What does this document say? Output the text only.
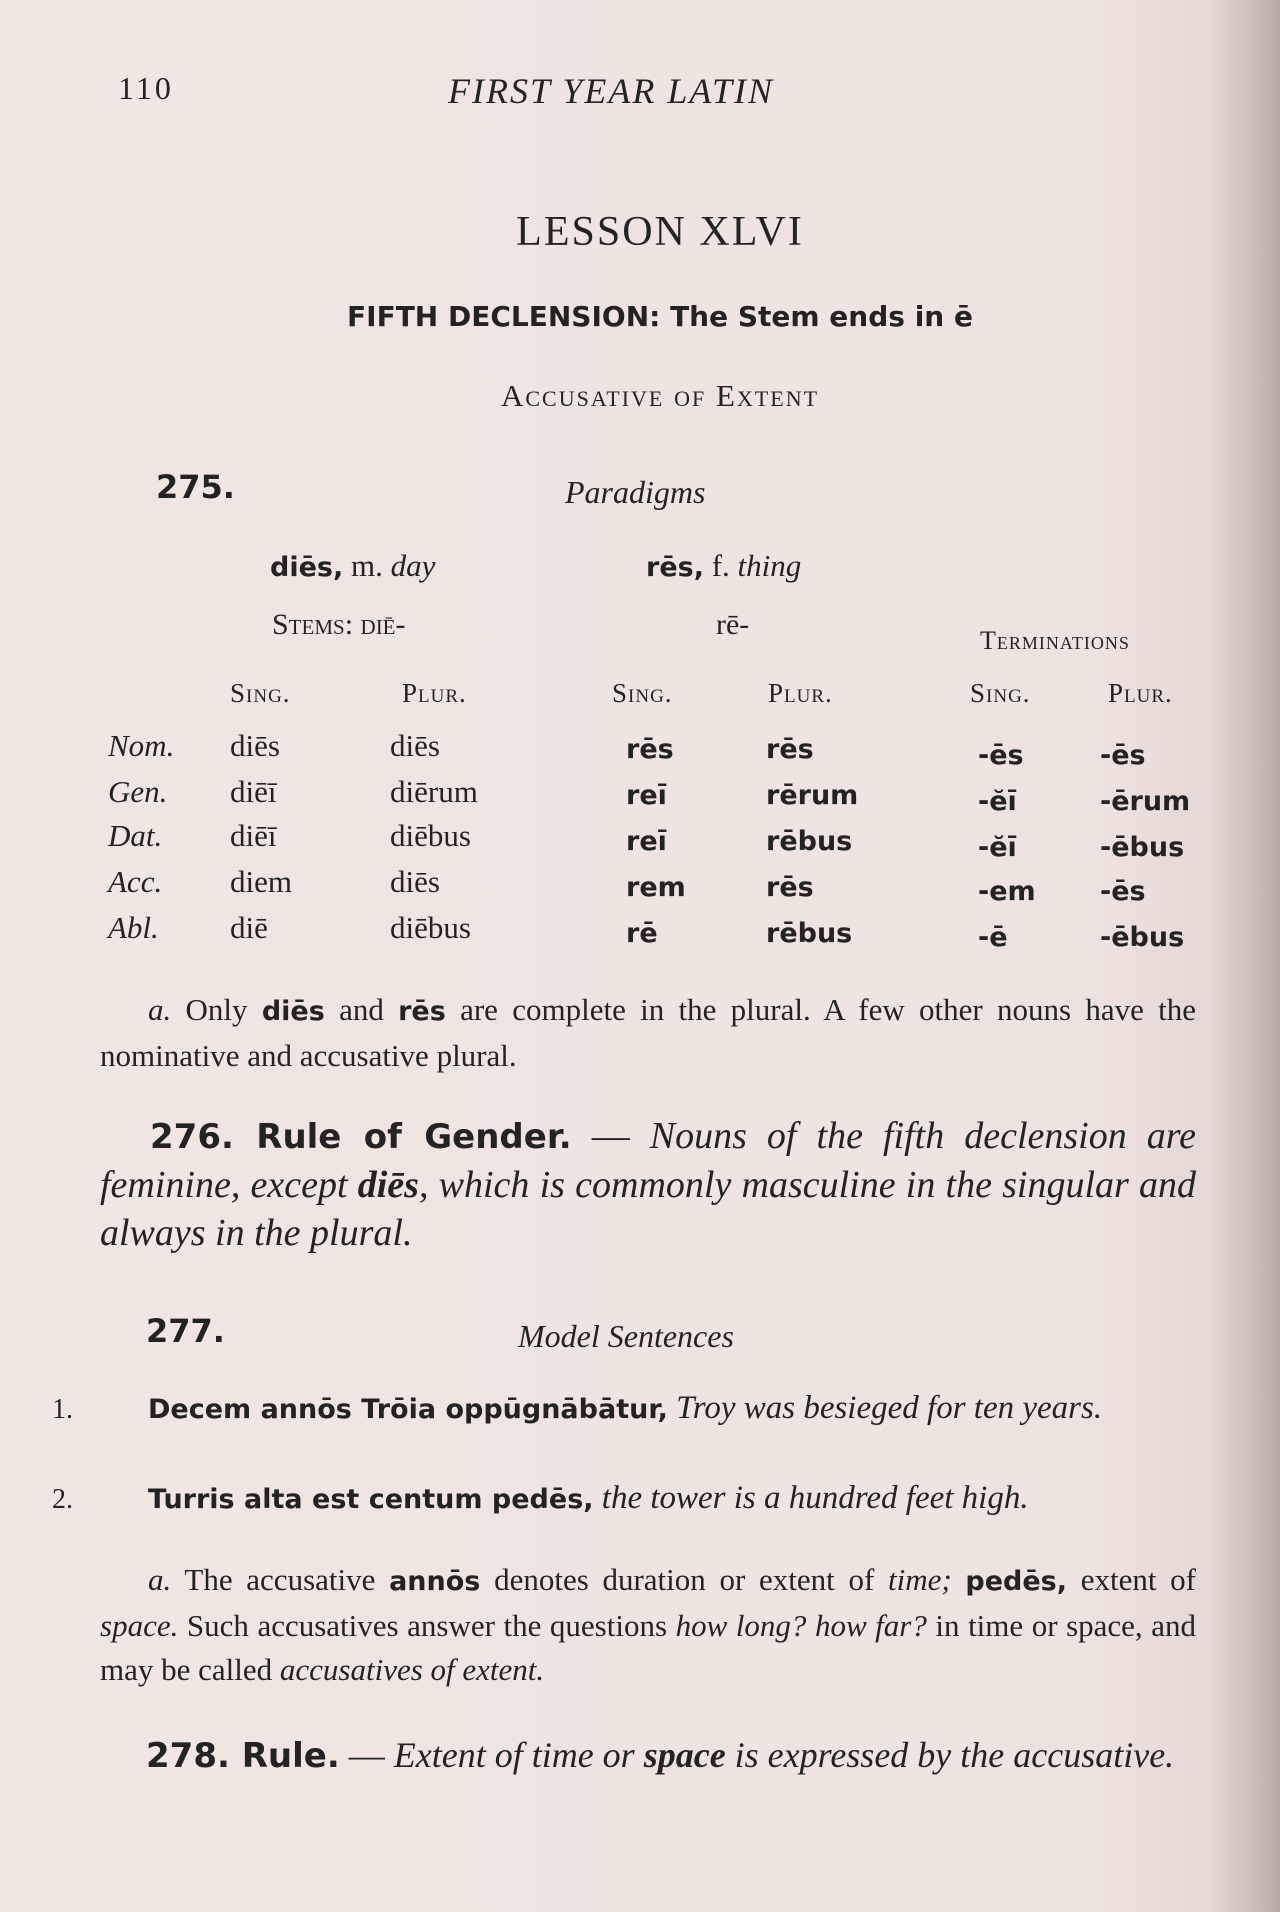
110	FIRST YEAR LATIN
LESSON XLVI
FIFTH DECLENSION: The Stem ends in ē
Accusative of Extent
275.	Paradigms
diēs, m. day	rēs, f. thing
Stems: diē-	rē-	Terminations
Sing.	Plur.	Sing.	Plur.	Sing.	Plur.
Nom. diēs	diēs	rēs	rēs	-ēs	-ēs
Gen. diēī	diērum	reī	rērum	-ĕī	-ērum
Dat. diēī	diēbus	reī	rēbus	-ĕī	-ēbus
Acc. diem	diēs	rem	rēs	-em -ēs
Abl. diē	diēbus	rē	rēbus	-ē	-ēbus
a. Only diēs and rēs are complete in the plural. A few other nouns have the nominative and accusative plural.
276. Rule of Gender. — Nouns of the fifth declension are feminine, except diēs, which is commonly masculine in the singular and always in the plural.
277.	Model Sentences
1.	Decem annōs Trōia oppūgnābātur, Troy was besieged for ten years.
2.	Turris alta est centum pedēs, the tower is a hundred feet high.
a. The accusative annōs denotes duration or extent of time; pedēs, extent of space. Such accusatives answer the questions how long? how far? in time or space, and may be called accusatives of extent.
278. Rule. — Extent of time or space is expressed by the accusative.
